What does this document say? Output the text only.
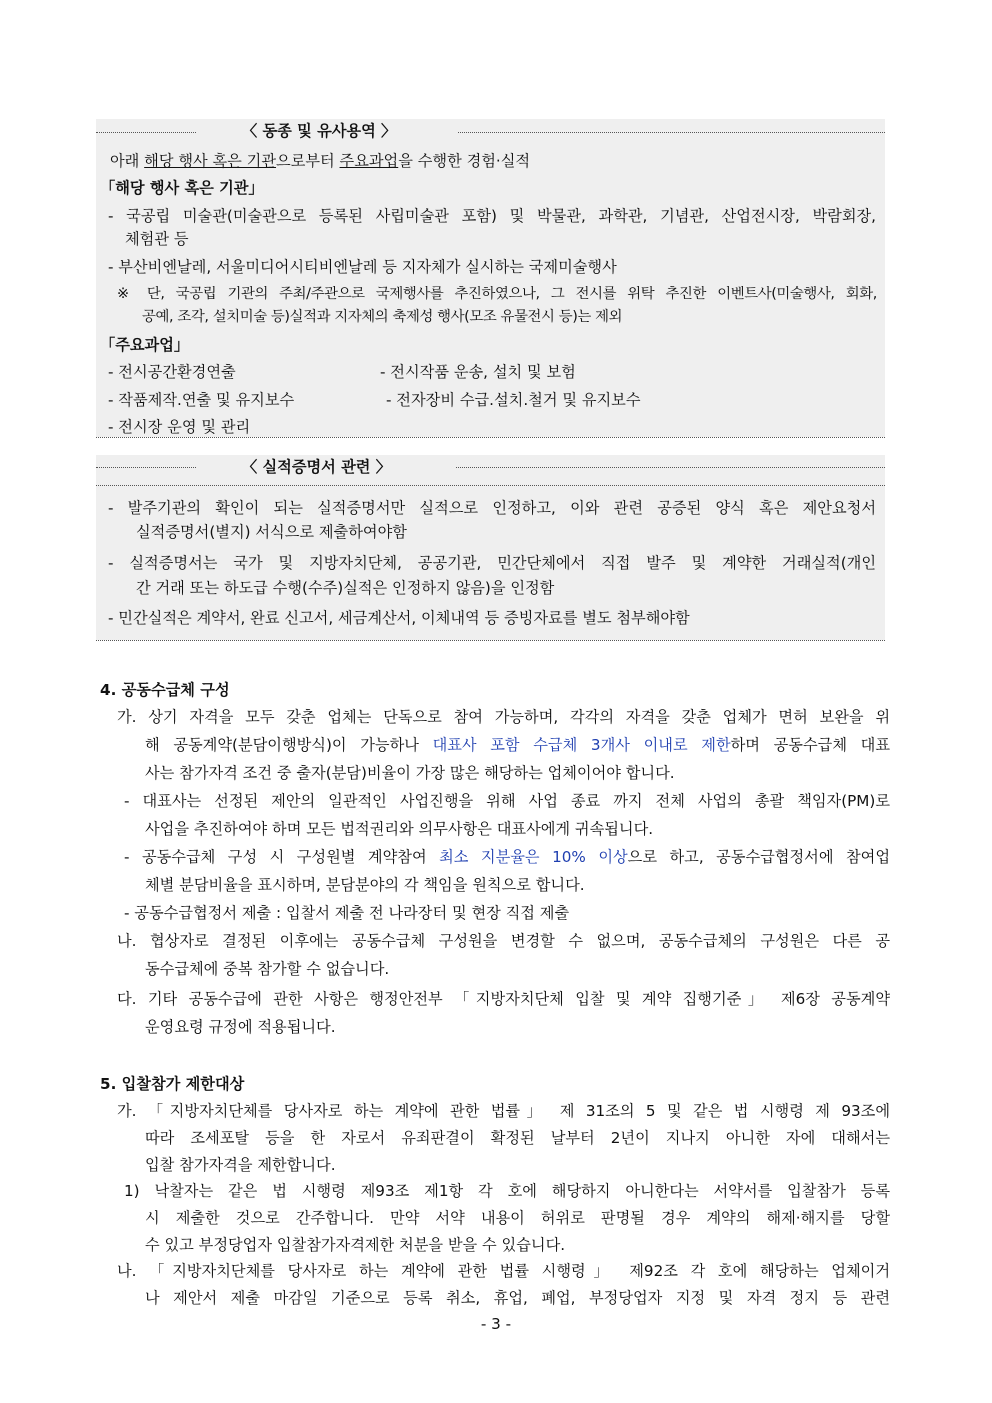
〈 동종 및 유사용역 〉
아래 해당 행사 혹은 기관으로부터 주요과업을 수행한 경험·실적
「해당 행사 혹은 기관」
- 국공립 미술관(미술관으로 등록된 사립미술관 포함) 및 박물관, 과학관, 기념관, 산업전시장, 박람회장,
체험관 등
- 부산비엔날레, 서울미디어시티비엔날레 등 지자체가 실시하는 국제미술행사
※ 단, 국공립 기관의 주최/주관으로 국제행사를 추진하였으나, 그 전시를 위탁 추진한 이벤트사(미술행사, 회화,
공예, 조각, 설치미술 등)실적과 지자체의 축제성 행사(모조 유물전시 등)는 제외
「주요과업」
- 전시공간환경연출	- 전시작품 운송, 설치 및 보험
- 작품제작.연출 및 유지보수	- 전자장비 수급.설치.철거 및 유지보수
- 전시장 운영 및 관리
〈 실적증명서 관련 〉
- 발주기관의 확인이 되는 실적증명서만 실적으로 인정하고, 이와 관련 공증된 양식 혹은 제안요청서
실적증명서(별지) 서식으로 제출하여야함
- 실적증명서는 국가 및 지방자치단체, 공공기관, 민간단체에서 직접 발주 및 계약한 거래실적(개인
간 거래 또는 하도급 수행(수주)실적은 인정하지 않음)을 인정함
- 민간실적은 계약서, 완료 신고서, 세금계산서, 이체내역 등 증빙자료를 별도 첨부해야함
4. 공동수급체 구성
가. 상기 자격을 모두 갖춘 업체는 단독으로 참여 가능하며, 각각의 자격을 갖춘 업체가 면허 보완을 위
해 공동계약(분담이행방식)이 가능하나 대표사 포함 수급체 3개사 이내로 제한하며 공동수급체 대표
사는 참가자격 조건 중 출자(분담)비율이 가장 많은 해당하는 업체이어야 합니다.
- 대표사는 선정된 제안의 일관적인 사업진행을 위해 사업 종료 까지 전체 사업의 총괄 책임자(PM)로
사업을 추진하여야 하며 모든 법적권리와 의무사항은 대표사에게 귀속됩니다.
- 공동수급체 구성 시 구성원별 계약참여 최소 지분율은 10% 이상으로 하고, 공동수급협정서에 참여업
체별 분담비율을 표시하며, 분담분야의 각 책임을 원칙으로 합니다.
- 공동수급협정서 제출 : 입찰서 제출 전 나라장터 및 현장 직접 제출
나. 협상자로 결정된 이후에는 공동수급체 구성원을 변경할 수 없으며, 공동수급체의 구성원은 다른 공
동수급체에 중복 참가할 수 없습니다.
다. 기타 공동수급에 관한 사항은 행정안전부 「지방자치단체 입찰 및 계약 집행기준」 제6장 공동계약
운영요령 규정에 적용됩니다.
5. 입찰참가 제한대상
가. 「지방자치단체를 당사자로 하는 계약에 관한 법률」 제 31조의 5 및 같은 법 시행령 제 93조에
따라 조세포탈 등을 한 자로서 유죄판결이 확정된 날부터 2년이 지나지 아니한 자에 대해서는
입찰 참가자격을 제한합니다.
1) 낙찰자는 같은 법 시행령 제93조 제1항 각 호에 해당하지 아니한다는 서약서를 입찰참가 등록
시 제출한 것으로 간주합니다. 만약 서약 내용이 허위로 판명될 경우 계약의 해제·해지를 당할
수 있고 부정당업자 입찰참가자격제한 처분을 받을 수 있습니다.
나. 「지방자치단체를 당사자로 하는 계약에 관한 법률 시행령」 제92조 각 호에 해당하는 업체이거
나 제안서 제출 마감일 기준으로 등록 취소, 휴업, 폐업, 부정당업자 지정 및 자격 정지 등 관련
- 3 -
